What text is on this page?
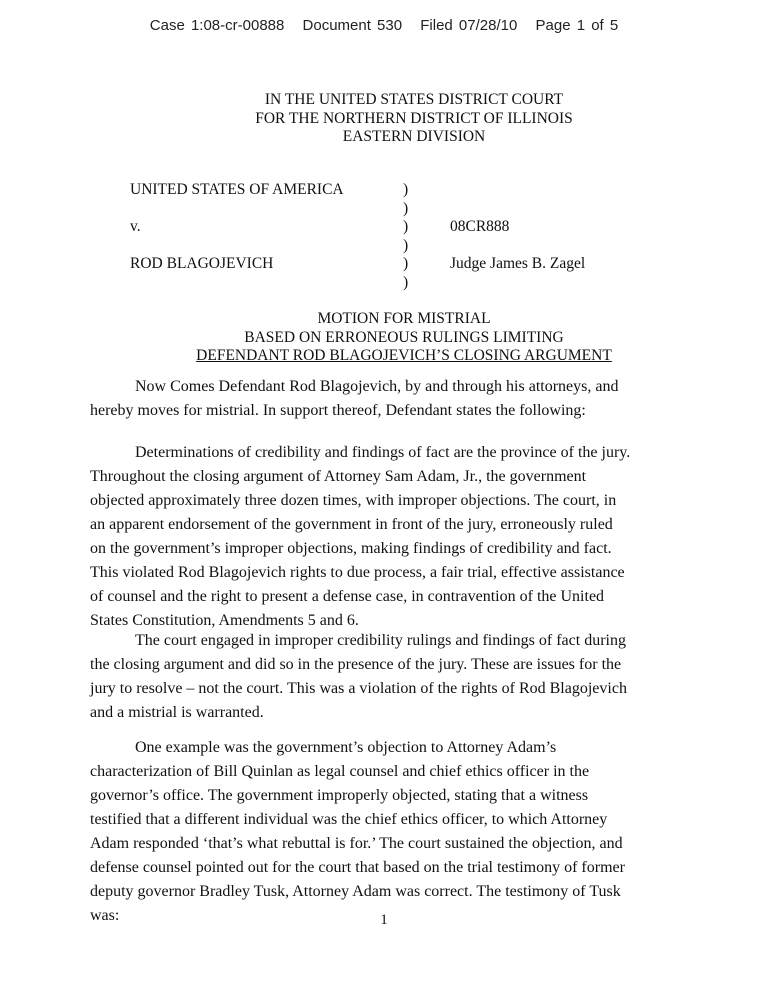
Case 1:08-cr-00888 Document 530 Filed 07/28/10 Page 1 of 5
IN THE UNITED STATES DISTRICT COURT
FOR THE NORTHERN DISTRICT OF ILLINOIS
EASTERN DIVISION
UNITED STATES OF AMERICA

v.

ROD BLAGOJEVICH

)
)
)
)
)
)

08CR888

Judge James B. Zagel

MOTION FOR MISTRIAL
BASED ON ERRONEOUS RULINGS LIMITING
DEFENDANT ROD BLAGOJEVICH’S CLOSING ARGUMENT
Now Comes Defendant Rod Blagojevich, by and through his attorneys, and
hereby moves for mistrial. In support thereof, Defendant states the following:
Determinations of credibility and findings of fact are the province of the jury.
Throughout the closing argument of Attorney Sam Adam, Jr., the government
objected approximately three dozen times, with improper objections. The court, in
an apparent endorsement of the government in front of the jury, erroneously ruled
on the government’s improper objections, making findings of credibility and fact.
This violated Rod Blagojevich rights to due process, a fair trial, effective assistance
of counsel and the right to present a defense case, in contravention of the United
States Constitution, Amendments 5 and 6.
The court engaged in improper credibility rulings and findings of fact during
the closing argument and did so in the presence of the jury. These are issues for the
jury to resolve – not the court. This was a violation of the rights of Rod Blagojevich
and a mistrial is warranted.
One example was the government’s objection to Attorney Adam’s
characterization of Bill Quinlan as legal counsel and chief ethics officer in the
governor’s office. The government improperly objected, stating that a witness
testified that a different individual was the chief ethics officer, to which Attorney
Adam responded ‘that’s what rebuttal is for.’ The court sustained the objection, and
defense counsel pointed out for the court that based on the trial testimony of former
deputy governor Bradley Tusk, Attorney Adam was correct. The testimony of Tusk
was:	1
